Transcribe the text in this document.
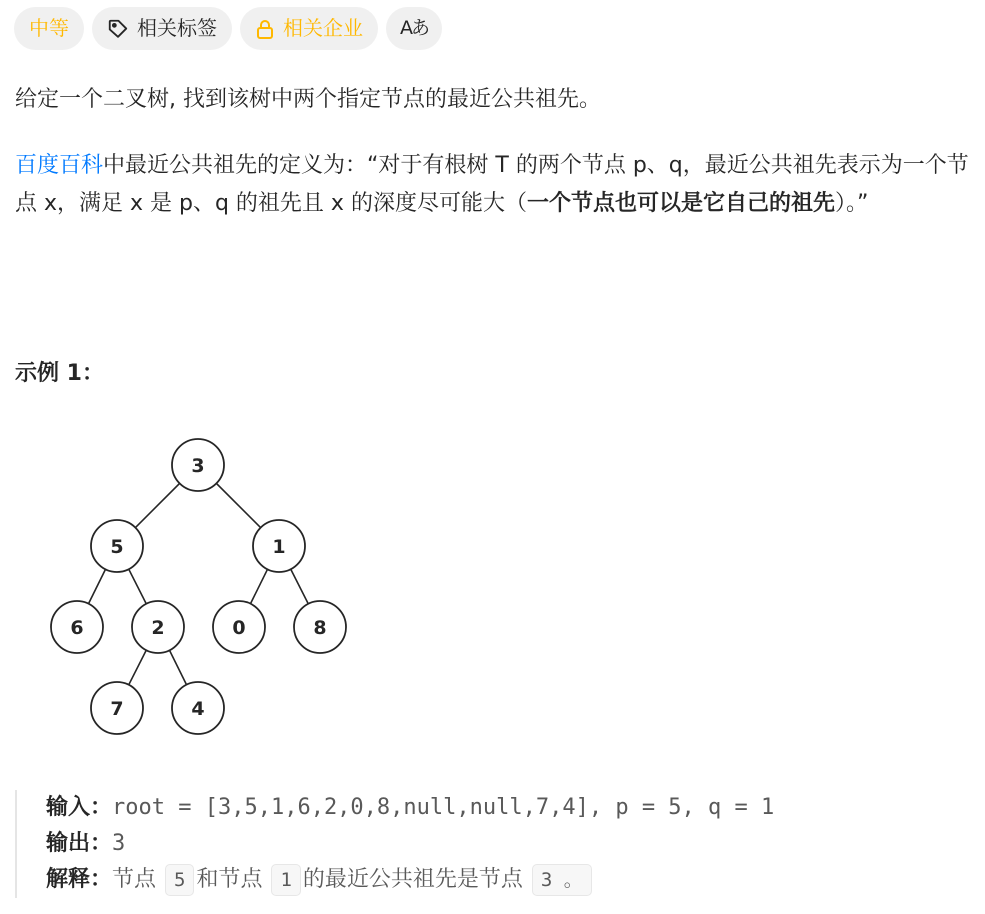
中等	相关标签	相关企业 Aあ
给定一个二叉树, 找到该树中两个指定节点的最近公共祖先。
百度百科中最近公共祖先的定义为：“对于有根树 T 的两个节点 p、q，最近公共祖先表示为一个节点 x，满足 x 是 p、q 的祖先且 x 的深度尽可能大（一个节点也可以是它自己的祖先）。”
示例 1：
3
5	1
6	2	0	8
7	4
输入：root = [3,5,1,6,2,0,8,null,null,7,4], p = 5, q = 1
输出：3
解释：节点 5 和节点 1 的最近公共祖先是节点 3 。
